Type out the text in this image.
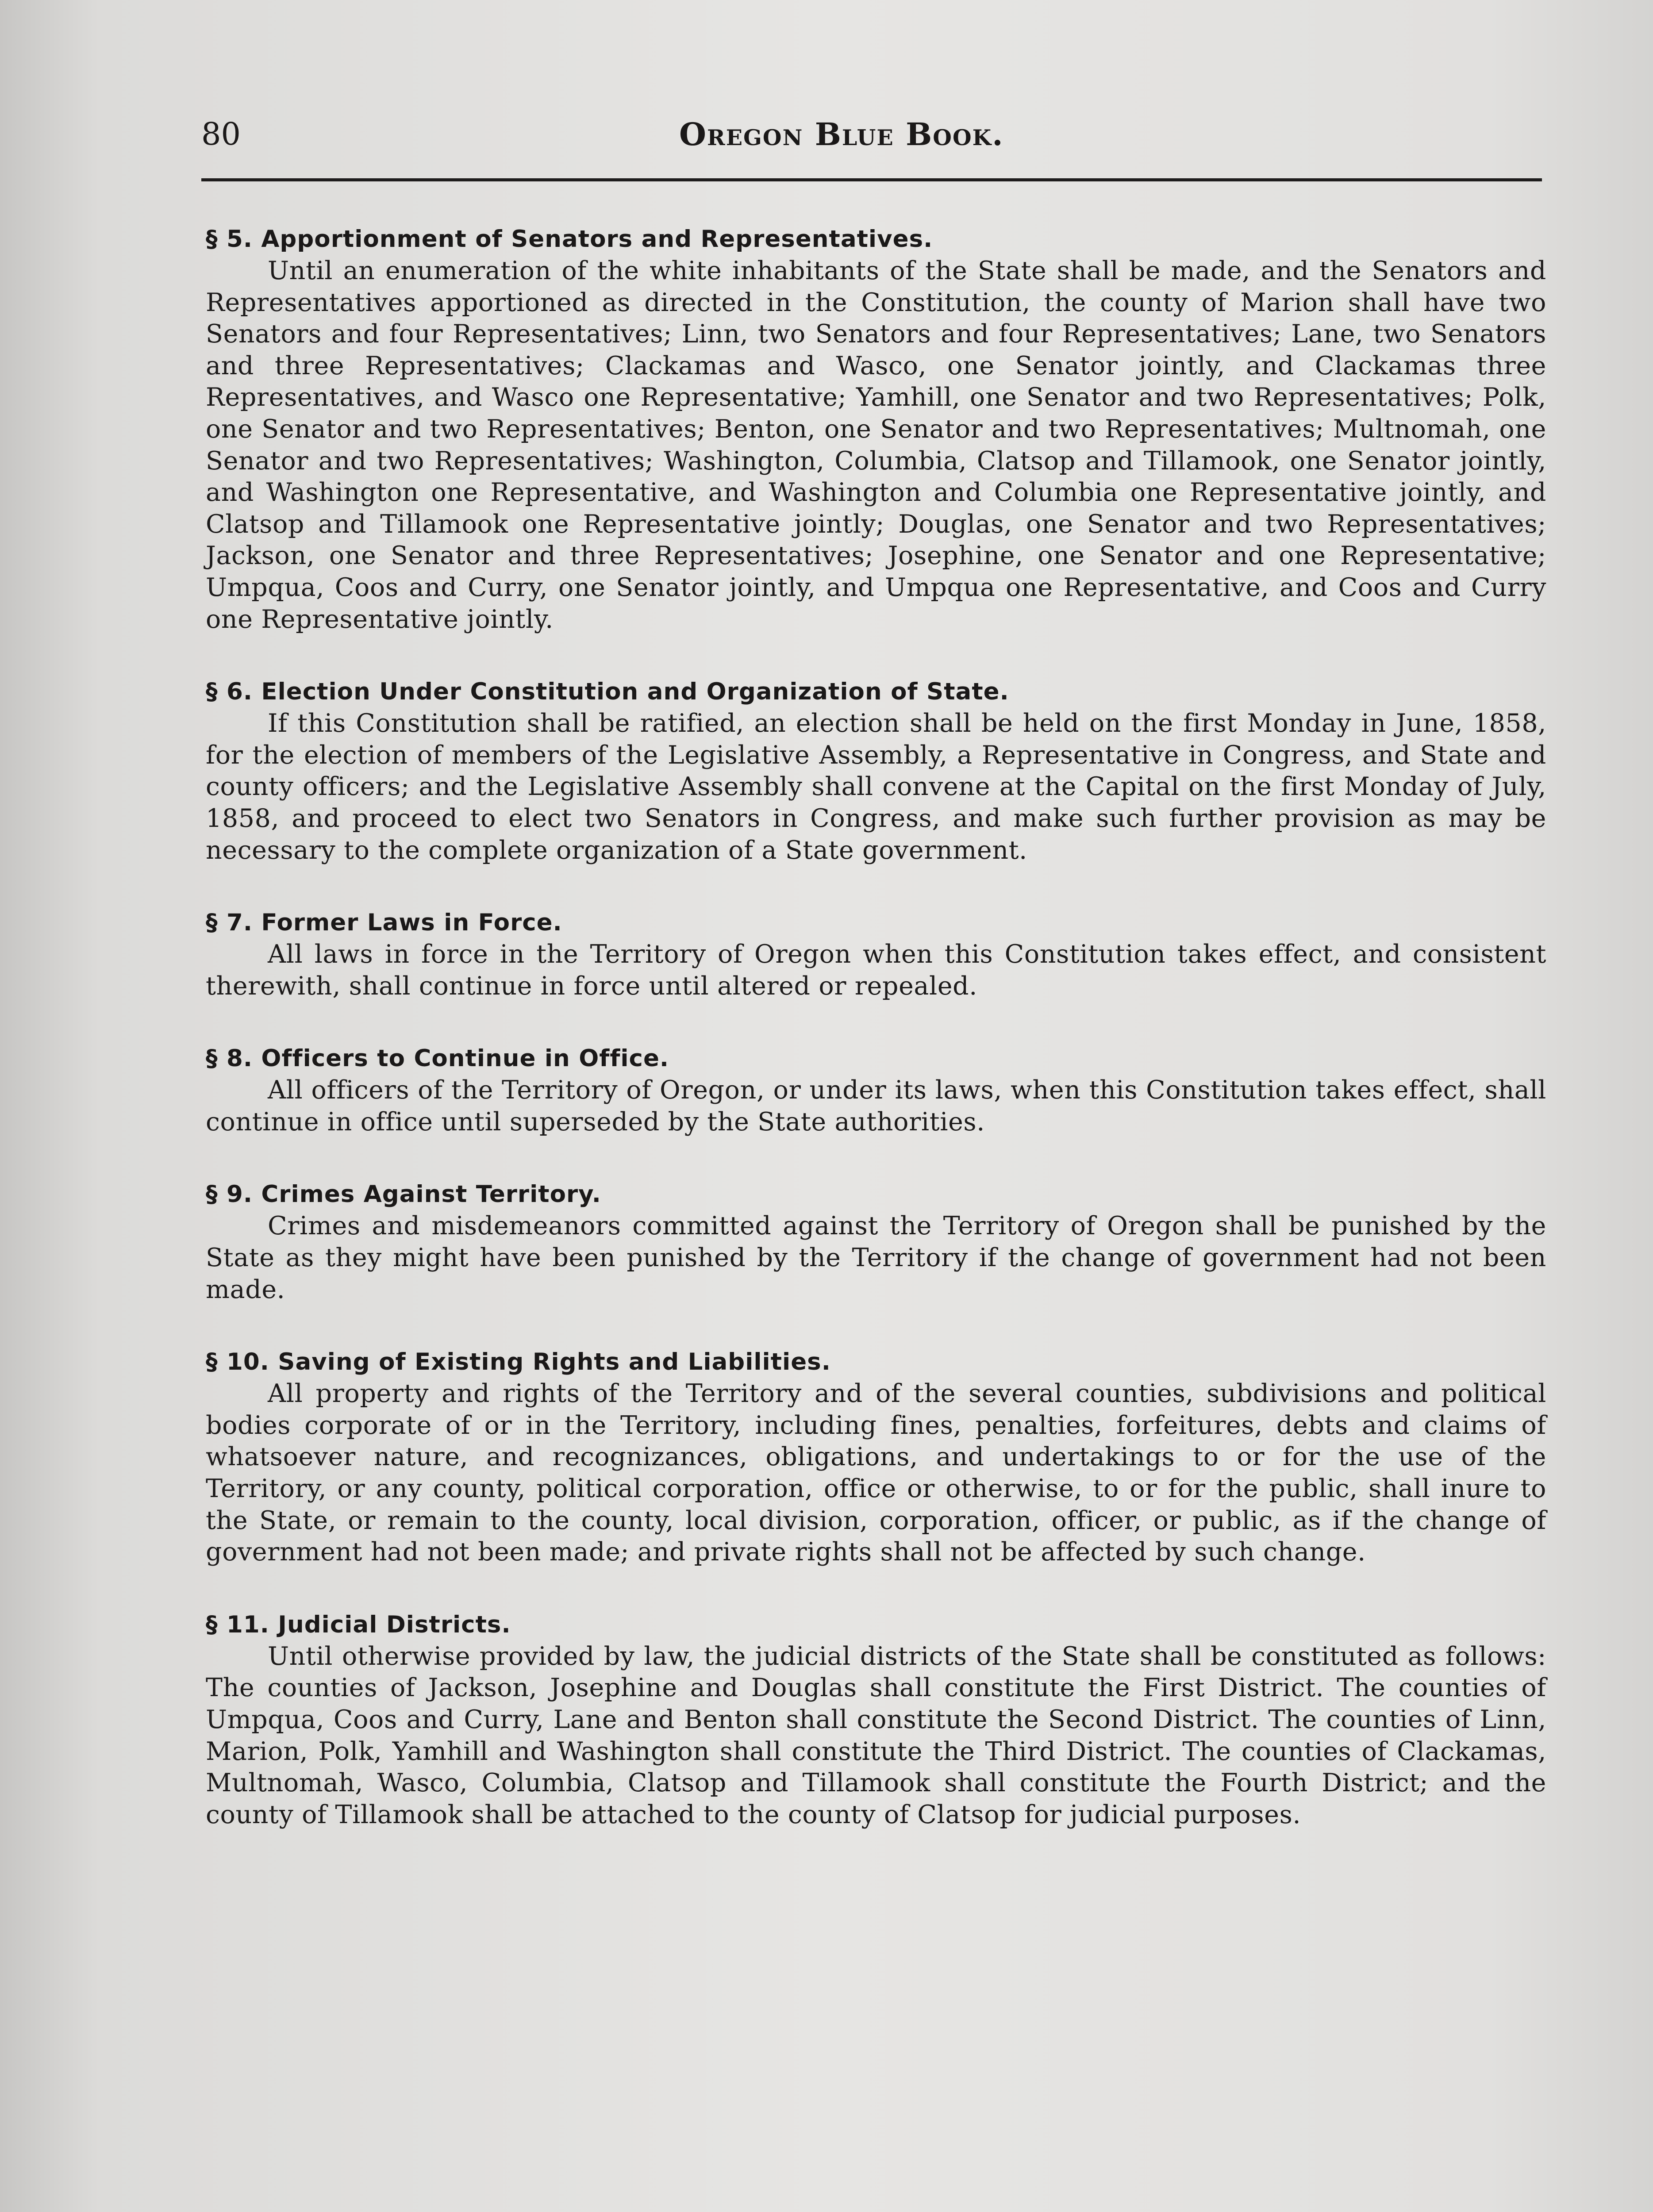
80	Oregon Blue Book.
§ 5. Apportionment of Senators and Representatives.
Until an enumeration of the white inhabitants of the State shall be made, and the Senators and Representatives apportioned as directed in the Constitution, the county of Marion shall have two Senators and four Representatives; Linn, two Senators and four Representatives; Lane, two Senators and three Representatives; Clackamas and Wasco, one Senator jointly, and Clackamas three Representatives, and Wasco one Representative; Yamhill, one Senator and two Representatives; Polk, one Senator and two Representatives; Benton, one Senator and two Representatives; Multnomah, one Senator and two Representatives; Washington, Columbia, Clatsop and Tillamook, one Senator jointly, and Washington one Representative, and Washington and Columbia one Representative jointly, and Clatsop and Tillamook one Representative jointly; Douglas, one Senator and two Representatives; Jackson, one Senator and three Representatives; Josephine, one Senator and one Representative; Umpqua, Coos and Curry, one Senator jointly, and Umpqua one Representative, and Coos and Curry one Representative jointly.
§ 6. Election Under Constitution and Organization of State.
If this Constitution shall be ratified, an election shall be held on the first Monday in June, 1858, for the election of members of the Legislative Assembly, a Representative in Congress, and State and county officers; and the Legislative Assembly shall convene at the Capital on the first Monday of July, 1858, and proceed to elect two Senators in Congress, and make such further provision as may be necessary to the complete organization of a State government.
§ 7. Former Laws in Force.
All laws in force in the Territory of Oregon when this Constitution takes effect, and consistent therewith, shall continue in force until altered or repealed.
§ 8. Officers to Continue in Office.
All officers of the Territory of Oregon, or under its laws, when this Constitution takes effect, shall continue in office until superseded by the State authorities.
§ 9. Crimes Against Territory.
Crimes and misdemeanors committed against the Territory of Oregon shall be punished by the State as they might have been punished by the Territory if the change of government had not been made.
§ 10. Saving of Existing Rights and Liabilities.
All property and rights of the Territory and of the several counties, subdivisions and political bodies corporate of or in the Territory, including fines, penalties, forfeitures, debts and claims of whatsoever nature, and recognizances, obligations, and undertakings to or for the use of the Territory, or any county, political corporation, office or otherwise, to or for the public, shall inure to the State, or remain to the county, local division, corporation, officer, or public, as if the change of government had not been made; and private rights shall not be affected by such change.
§ 11. Judicial Districts.
Until otherwise provided by law, the judicial districts of the State shall be constituted as follows: The counties of Jackson, Josephine and Douglas shall constitute the First District. The counties of Umpqua, Coos and Curry, Lane and Benton shall constitute the Second District. The counties of Linn, Marion, Polk, Yamhill and Washington shall constitute the Third District. The counties of Clackamas, Multnomah, Wasco, Columbia, Clatsop and Tillamook shall constitute the Fourth District; and the county of Tillamook shall be attached to the county of Clatsop for judicial purposes.
